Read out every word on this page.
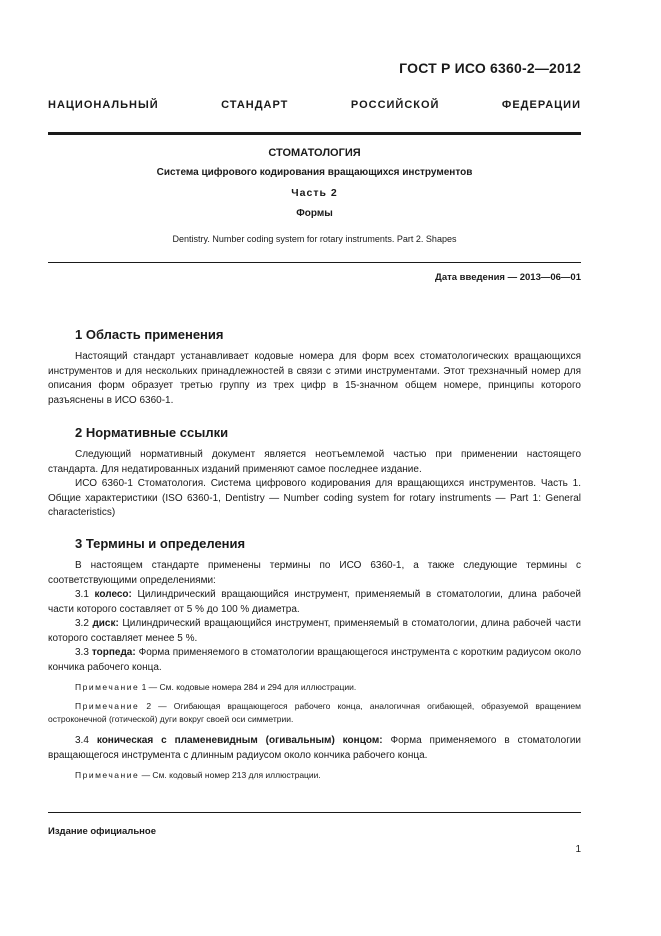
ГОСТ Р ИСО 6360-2—2012
НАЦИОНАЛЬНЫЙ СТАНДАРТ РОССИЙСКОЙ ФЕДЕРАЦИИ
СТОМАТОЛОГИЯ
Система цифрового кодирования вращающихся инструментов
Часть 2
Формы
Dentistry. Number coding system for rotary instruments. Part 2. Shapes
Дата введения — 2013—06—01
1 Область применения

Настоящий стандарт устанавливает кодовые номера для форм всех стоматологических вращающихся инструментов и для нескольких принадлежностей в связи с этими инструментами. Этот трехзначный номер для описания форм образует третью группу из трех цифр в 15-значном общем номере, принципы которого разъяснены в ИСО 6360-1.

2 Нормативные ссылки

Следующий нормативный документ является неотъемлемой частью при применении настоящего стандарта. Для недатированных изданий применяют самое последнее издание.

ИСО 6360-1 Стоматология. Система цифрового кодирования для вращающихся инструментов. Часть 1. Общие характеристики (ISO 6360-1, Dentistry — Number coding system for rotary instruments — Part 1: General characteristics)

3 Термины и определения

В настоящем стандарте применены термины по ИСО 6360-1, а также следующие термины с соответствующими определениями:

3.1 колесо: Цилиндрический вращающийся инструмент, применяемый в стоматологии, длина рабочей части которого составляет от 5 % до 100 % диаметра.

3.2 диск: Цилиндрический вращающийся инструмент, применяемый в стоматологии, длина рабочей части которого составляет менее 5 %.

3.3 торпеда: Форма применяемого в стоматологии вращающегося инструмента с коротким радиусом около кончика рабочего конца.

Примечание 1 — См. кодовые номера 284 и 294 для иллюстрации.

Примечание 2 — Огибающая вращающегося рабочего конца, аналогичная огибающей, образуемой вращением остроконечной (готической) дуги вокруг своей оси симметрии.

3.4 коническая с пламеневидным (огивальным) концом: Форма применяемого в стоматологии вращающегося инструмента с длинным радиусом около кончика рабочего конца.

Примечание — См. кодовый номер 213 для иллюстрации.

Издание официальное
1
